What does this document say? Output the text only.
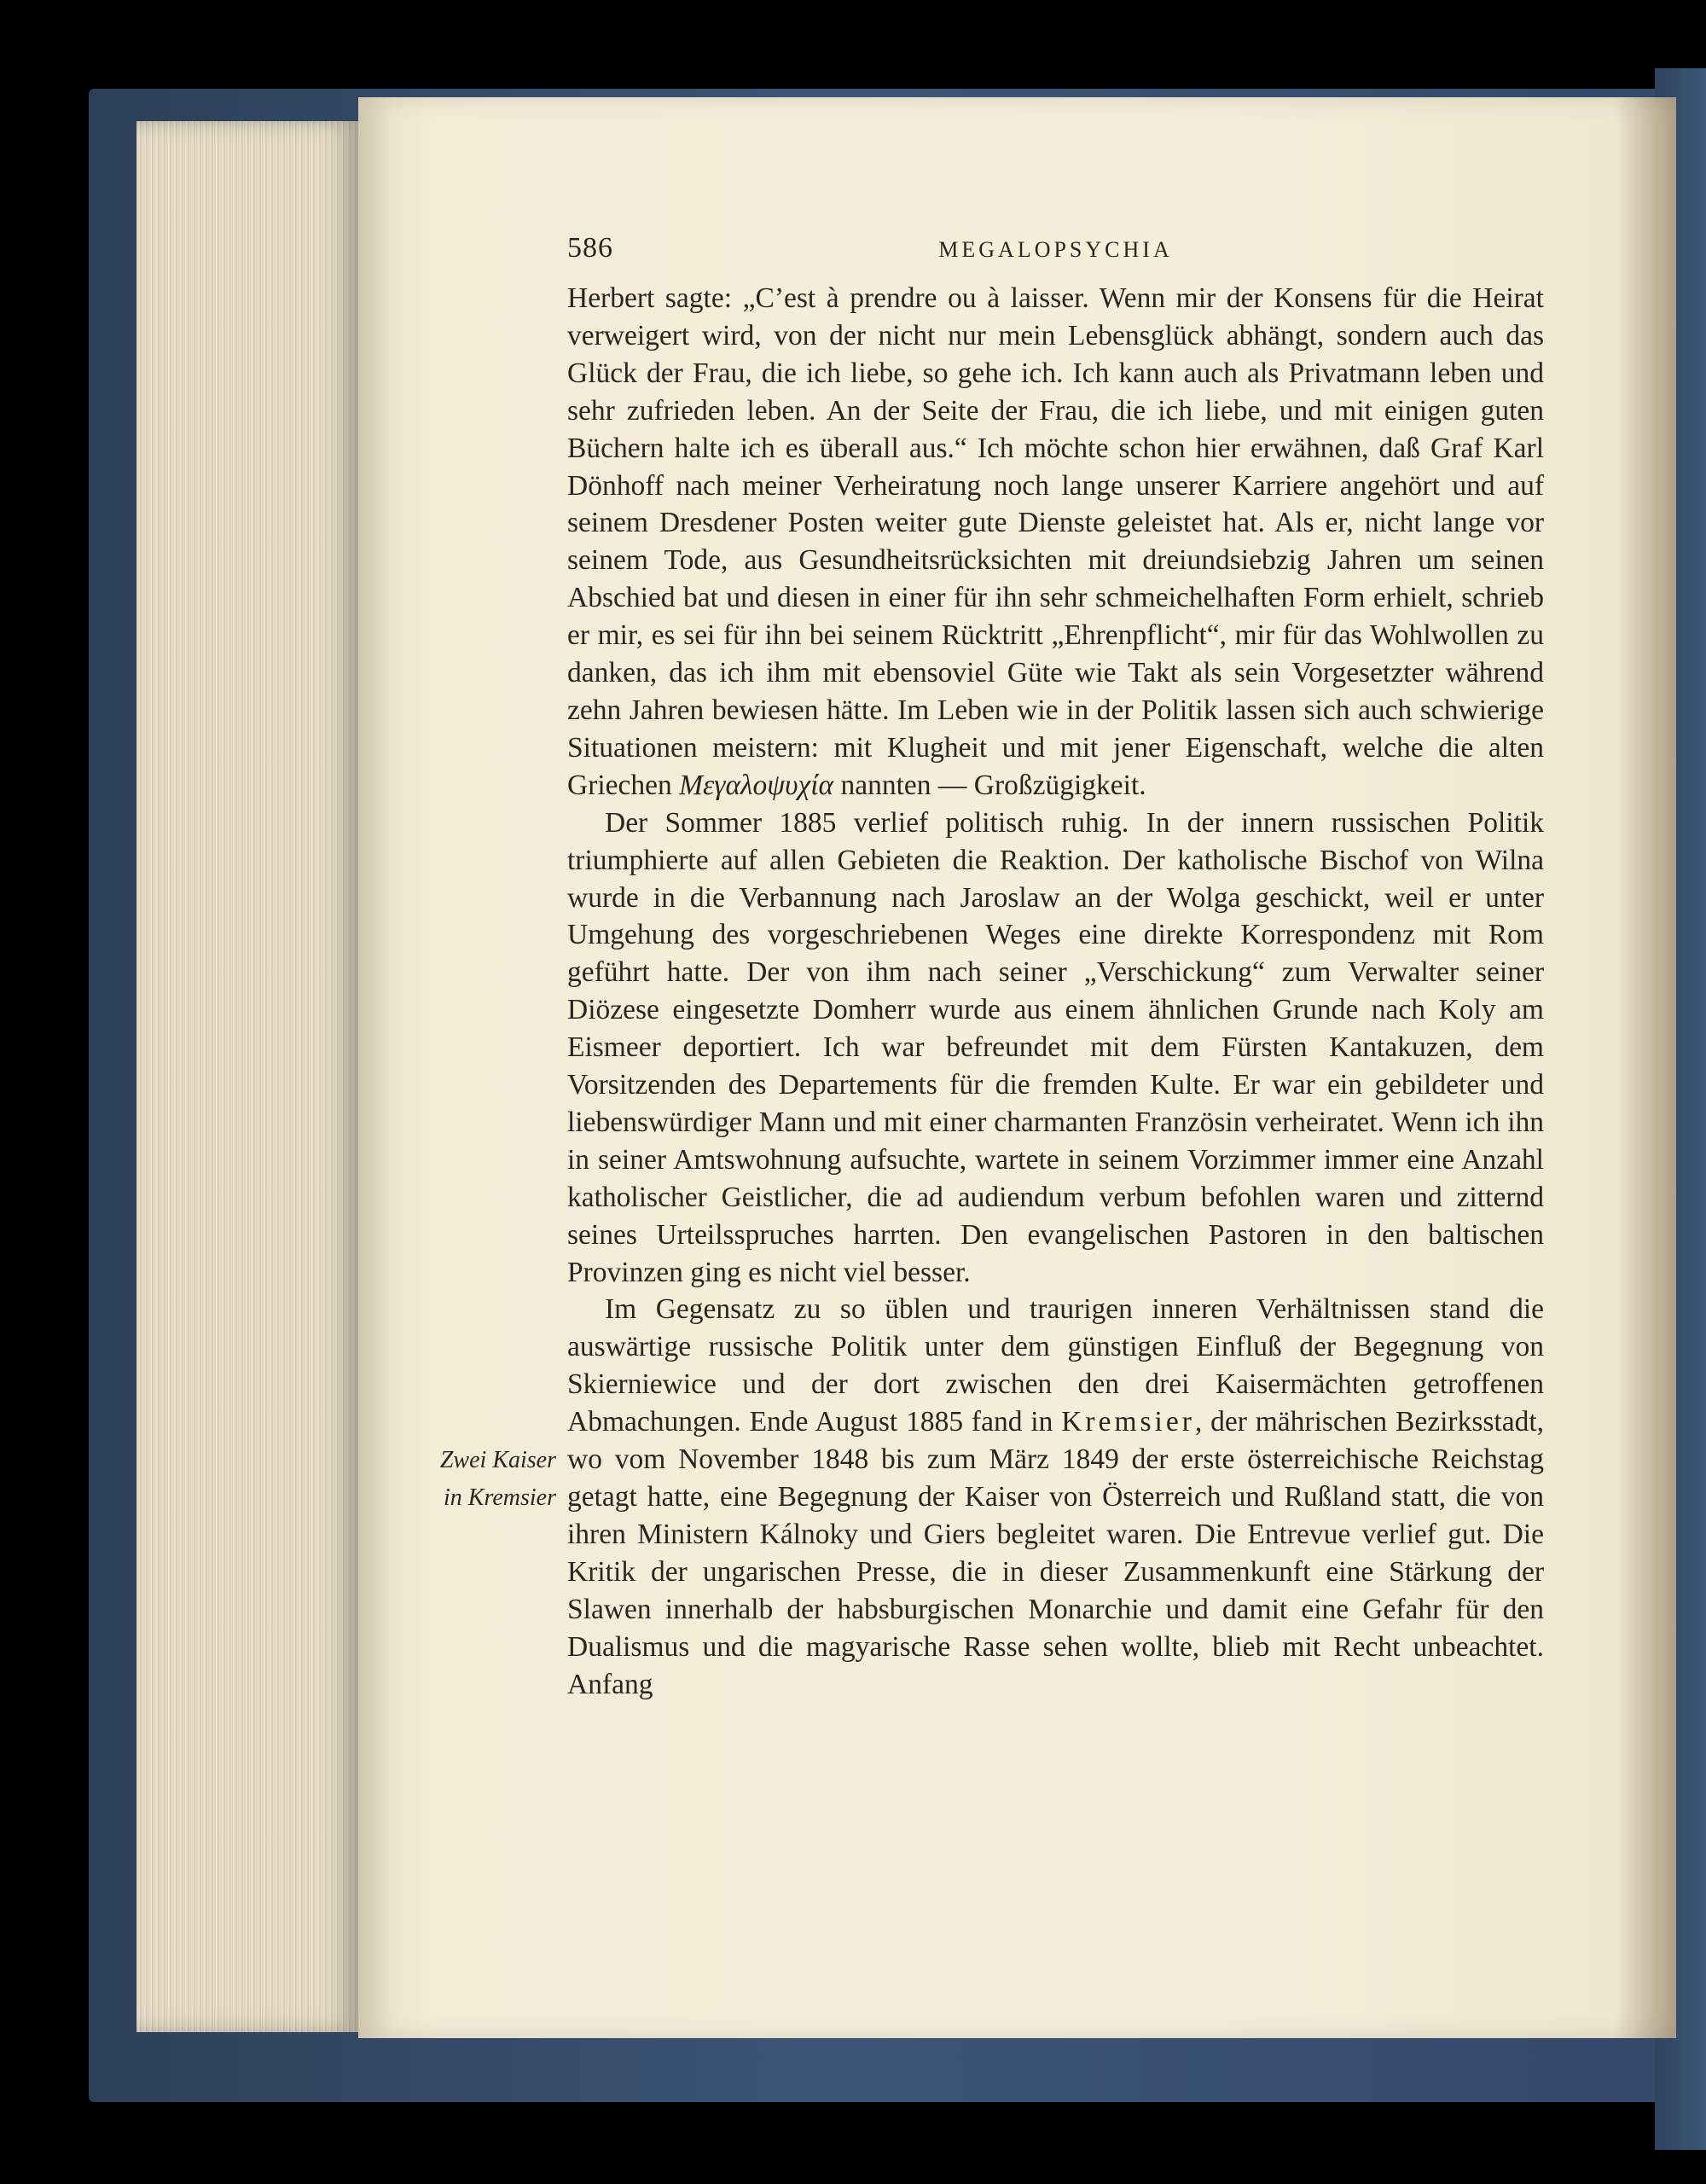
586	MEGALOPSYCHIA
Zwei Kaiser
in Kremsier

Herbert sagte: „C’est à prendre ou à laisser. Wenn mir der Konsens für die Heirat verweigert wird, von der nicht nur mein Lebensglück abhängt, sondern auch das Glück der Frau, die ich liebe, so gehe ich. Ich kann auch als Privatmann leben und sehr zufrieden leben. An der Seite der Frau, die ich liebe, und mit einigen guten Büchern halte ich es überall aus.“ Ich möchte schon hier erwähnen, daß Graf Karl Dönhoff nach meiner Verheiratung noch lange unserer Karriere angehört und auf seinem Dresdener Posten weiter gute Dienste geleistet hat. Als er, nicht lange vor seinem Tode, aus Gesundheitsrücksichten mit dreiundsiebzig Jahren um seinen Abschied bat und diesen in einer für ihn sehr schmeichelhaften Form erhielt, schrieb er mir, es sei für ihn bei seinem Rücktritt „Ehrenpflicht“, mir für das Wohlwollen zu danken, das ich ihm mit ebensoviel Güte wie Takt als sein Vorgesetzter während zehn Jahren bewiesen hätte. Im Leben wie in der Politik lassen sich auch schwierige Situationen meistern: mit Klugheit und mit jener Eigenschaft, welche die alten Griechen Μεγαλοψυχία nannten — Großzügigkeit.

Der Sommer 1885 verlief politisch ruhig. In der innern russischen Politik triumphierte auf allen Gebieten die Reaktion. Der katholische Bischof von Wilna wurde in die Verbannung nach Jaroslaw an der Wolga geschickt, weil er unter Umgehung des vorgeschriebenen Weges eine direkte Korrespondenz mit Rom geführt hatte. Der von ihm nach seiner „Verschickung“ zum Verwalter seiner Diözese eingesetzte Domherr wurde aus einem ähnlichen Grunde nach Koly am Eismeer deportiert. Ich war befreundet mit dem Fürsten Kantakuzen, dem Vorsitzenden des Departements für die fremden Kulte. Er war ein gebildeter und liebenswürdiger Mann und mit einer charmanten Französin verheiratet. Wenn ich ihn in seiner Amtswohnung aufsuchte, wartete in seinem Vorzimmer immer eine Anzahl katholischer Geistlicher, die ad audiendum verbum befohlen waren und zitternd seines Urteilsspruches harrten. Den evangelischen Pastoren in den baltischen Provinzen ging es nicht viel besser.

Im Gegensatz zu so üblen und traurigen inneren Verhältnissen stand die auswärtige russische Politik unter dem günstigen Einfluß der Begegnung von Skierniewice und der dort zwischen den drei Kaisermächten getroffenen Abmachungen. Ende August 1885 fand in Kremsier, der mährischen Bezirksstadt, wo vom November 1848 bis zum März 1849 der erste österreichische Reichstag getagt hatte, eine Begegnung der Kaiser von Österreich und Rußland statt, die von ihren Ministern Kálnoky und Giers begleitet waren. Die Entrevue verlief gut. Die Kritik der ungarischen Presse, die in dieser Zusammenkunft eine Stärkung der Slawen innerhalb der habsburgischen Monarchie und damit eine Gefahr für den Dualismus und die magyarische Rasse sehen wollte, blieb mit Recht unbeachtet. Anfang
